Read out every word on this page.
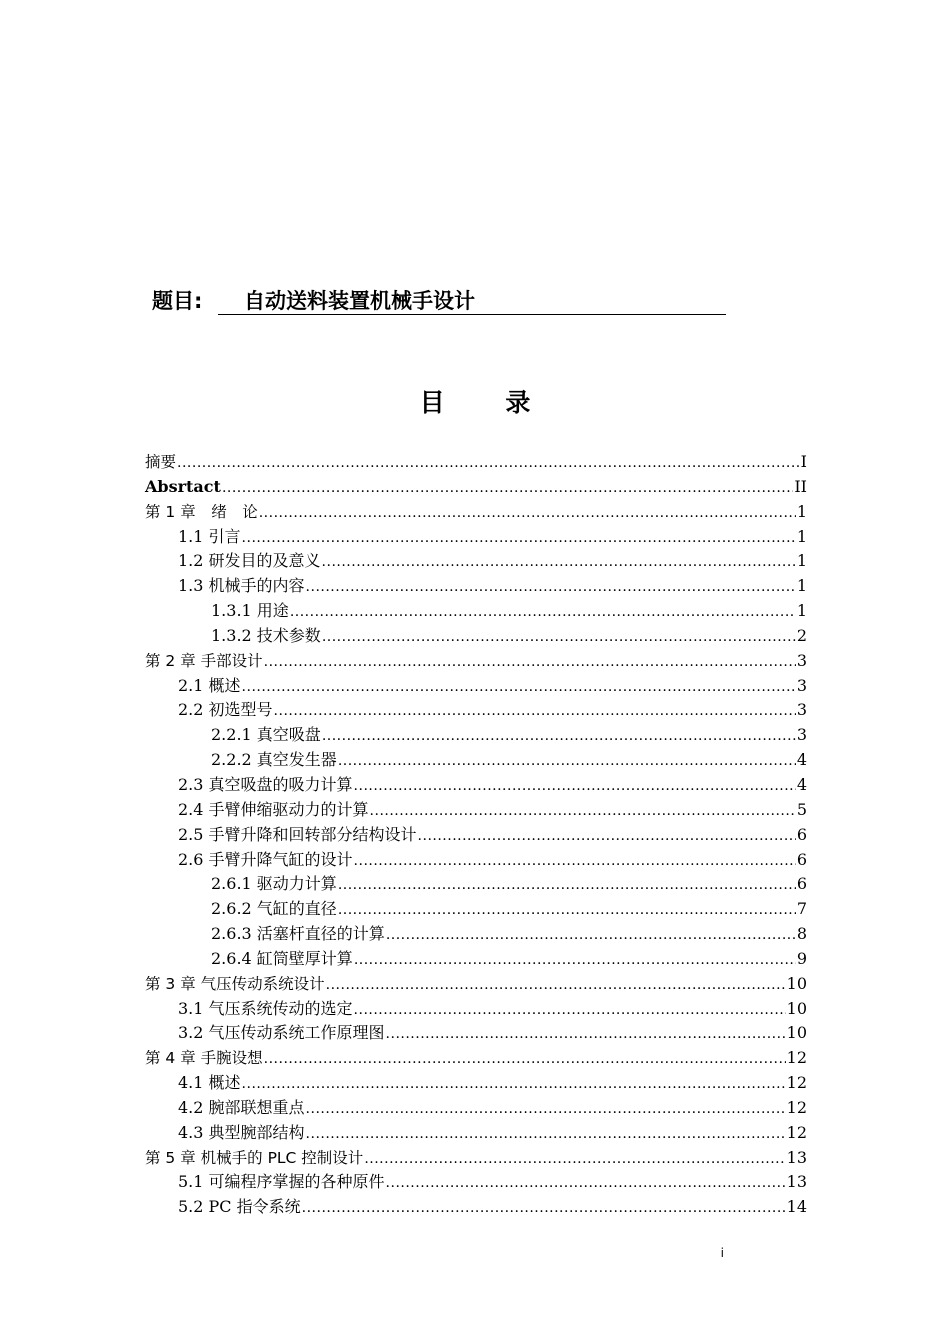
题目:	自动送料装置机械手设计
目 录
摘要 .....	I
Absrtact .....	II
第 1 章　绪　论 .....	1
1.1 引言 .....	1
1.2 研发目的及意义 .....	1
1.3 机械手的内容 .....	1
1.3.1 用途 .....	1
1.3.2 技术参数 .....	2
第 2 章 手部设计 .....	3
2.1 概述 .....	3
2.2 初选型号 .....	3
2.2.1 真空吸盘 .....	3
2.2.2 真空发生器 .....	4
2.3 真空吸盘的吸力计算 .....	4
2.4 手臂伸缩驱动力的计算 .....	5
2.5 手臂升降和回转部分结构设计 .....	6
2.6 手臂升降气缸的设计 .....	6
2.6.1 驱动力计算 .....	6
2.6.2 气缸的直径 .....	7
2.6.3 活塞杆直径的计算 .....	8
2.6.4 缸筒壁厚计算 .....	9
第 3 章 气压传动系统设计 .....	10
3.1 气压系统传动的选定 .....	10
3.2 气压传动系统工作原理图 .....	10
第 4 章 手腕设想 .....	12
4.1 概述 .....	12
4.2 腕部联想重点 .....	12
4.3 典型腕部结构 .....	12
第 5 章 机械手的 PLC 控制设计 .....	13
5.1 可编程序掌握的各种原件 .....	13
5.2 PC 指令系统 .....	14
i
